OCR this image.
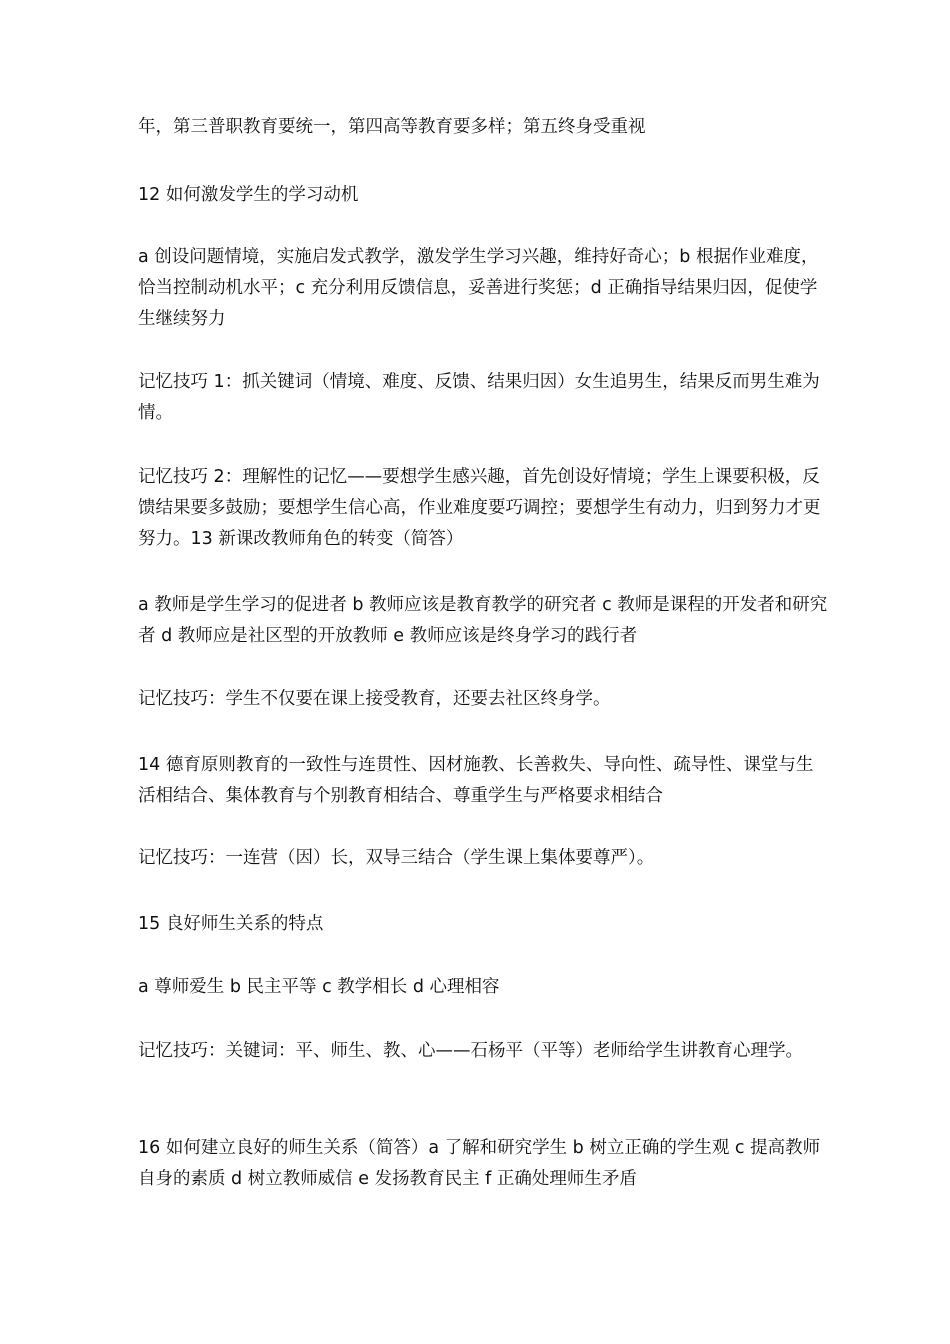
年，第三普职教育要统一，第四高等教育要多样；第五终身受重视

12 如何激发学生的学习动机

a 创设问题情境，实施启发式教学，激发学生学习兴趣，维持好奇心；b 根据作业难度，恰当控制动机水平；c 充分利用反馈信息，妥善进行奖惩；d 正确指导结果归因，促使学生继续努力

记忆技巧 1：抓关键词（情境、难度、反馈、结果归因）女生追男生，结果反而男生难为情。

记忆技巧 2：理解性的记忆——要想学生感兴趣，首先创设好情境；学生上课要积极，反馈结果要多鼓励；要想学生信心高，作业难度要巧调控；要想学生有动力，归到努力才更努力。13 新课改教师角色的转变（简答）

a 教师是学生学习的促进者 b 教师应该是教育教学的研究者 c 教师是课程的开发者和研究者 d 教师应是社区型的开放教师 e 教师应该是终身学习的践行者

记忆技巧：学生不仅要在课上接受教育，还要去社区终身学。

14 德育原则教育的一致性与连贯性、因材施教、长善救失、导向性、疏导性、课堂与生活相结合、集体教育与个别教育相结合、尊重学生与严格要求相结合

记忆技巧：一连营（因）长，双导三结合（学生课上集体要尊严）。

15 良好师生关系的特点

a 尊师爱生 b 民主平等 c 教学相长 d 心理相容

记忆技巧：关键词：平、师生、教、心——石杨平（平等）老师给学生讲教育心理学。

16 如何建立良好的师生关系（简答）a 了解和研究学生 b 树立正确的学生观 c 提高教师自身的素质 d 树立教师威信 e 发扬教育民主 f 正确处理师生矛盾
